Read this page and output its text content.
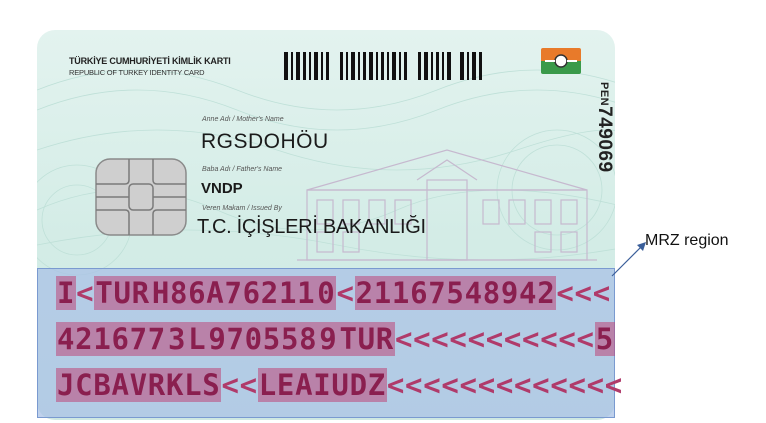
TÜRKİYE CUMHURİYETİ KİMLİK KARTI
REPUBLIC OF TURKEY IDENTITY CARD
PEN749069
Anne Adı / Mother's Name
RGSDOHÖU
Baba Adı / Father's Name
VNDP
Veren Makam / Issued By
T.C. İÇİŞLERİ BAKANLIĞI
I<TURH86A762110<21167548942<<<
4216773L9705589TUR<<<<<<<<<<<5
JCBAVRKLS<<LEAIUDZ<<<<<<<<<<<<<
MRZ region
